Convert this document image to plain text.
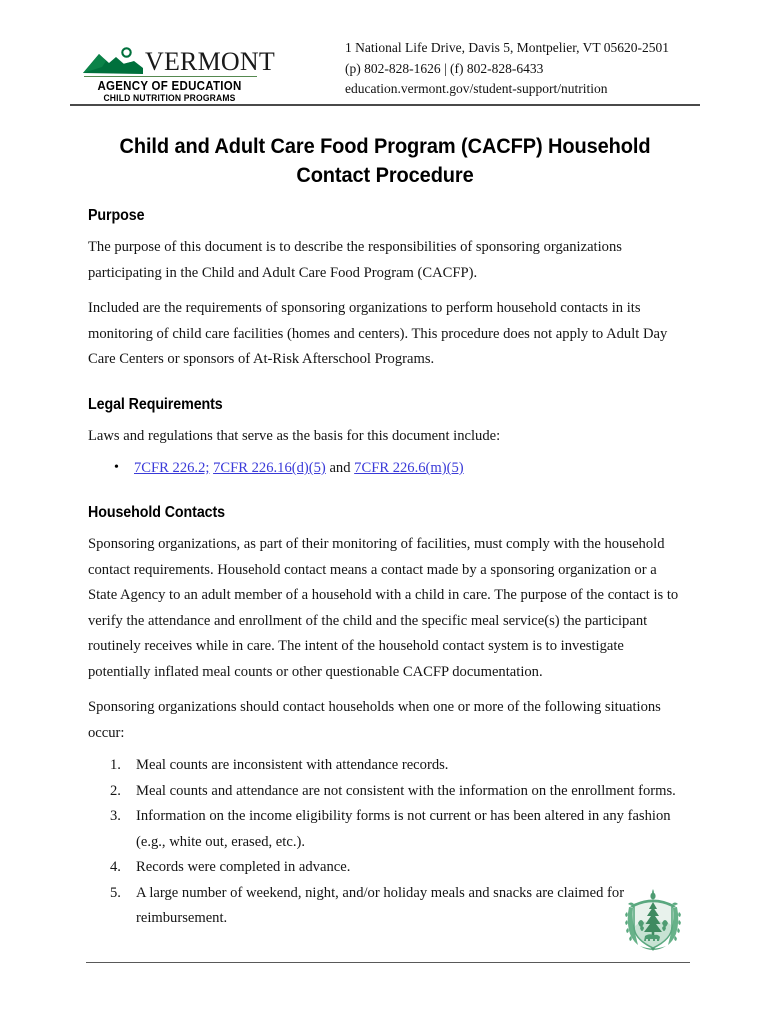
VERMONT
AGENCY OF EDUCATION
CHILD NUTRITION PROGRAMS
1 National Life Drive, Davis 5, Montpelier, VT 05620-2501
(p) 802-828-1626 | (f) 802-828-6433
education.vermont.gov/student-support/nutrition
Child and Adult Care Food Program (CACFP) Household Contact Procedure
Purpose

The purpose of this document is to describe the responsibilities of sponsoring organizations participating in the Child and Adult Care Food Program (CACFP).

Included are the requirements of sponsoring organizations to perform household contacts in its monitoring of child care facilities (homes and centers). This procedure does not apply to Adult Day Care Centers or sponsors of At-Risk Afterschool Programs.

Legal Requirements

Laws and regulations that serve as the basis for this document include:

• 7CFR 226.2; 7CFR 226.16(d)(5) and 7CFR 226.6(m)(5)
Household Contacts

Sponsoring organizations, as part of their monitoring of facilities, must comply with the household contact requirements. Household contact means a contact made by a sponsoring organization or a State Agency to an adult member of a household with a child in care. The purpose of the contact is to verify the attendance and enrollment of the child and the specific meal service(s) the participant routinely receives while in care. The intent of the household contact system is to investigate potentially inflated meal counts or other questionable CACFP documentation.

Sponsoring organizations should contact households when one or more of the following situations occur:

Meal counts are inconsistent with attendance records.
Meal counts and attendance are not consistent with the information on the enrollment forms.
Information on the income eligibility forms is not current or has been altered in any fashion (e.g., white out, erased, etc.).
Records were completed in advance.
A large number of weekend, night, and/or holiday meals and snacks are claimed for reimbursement.
